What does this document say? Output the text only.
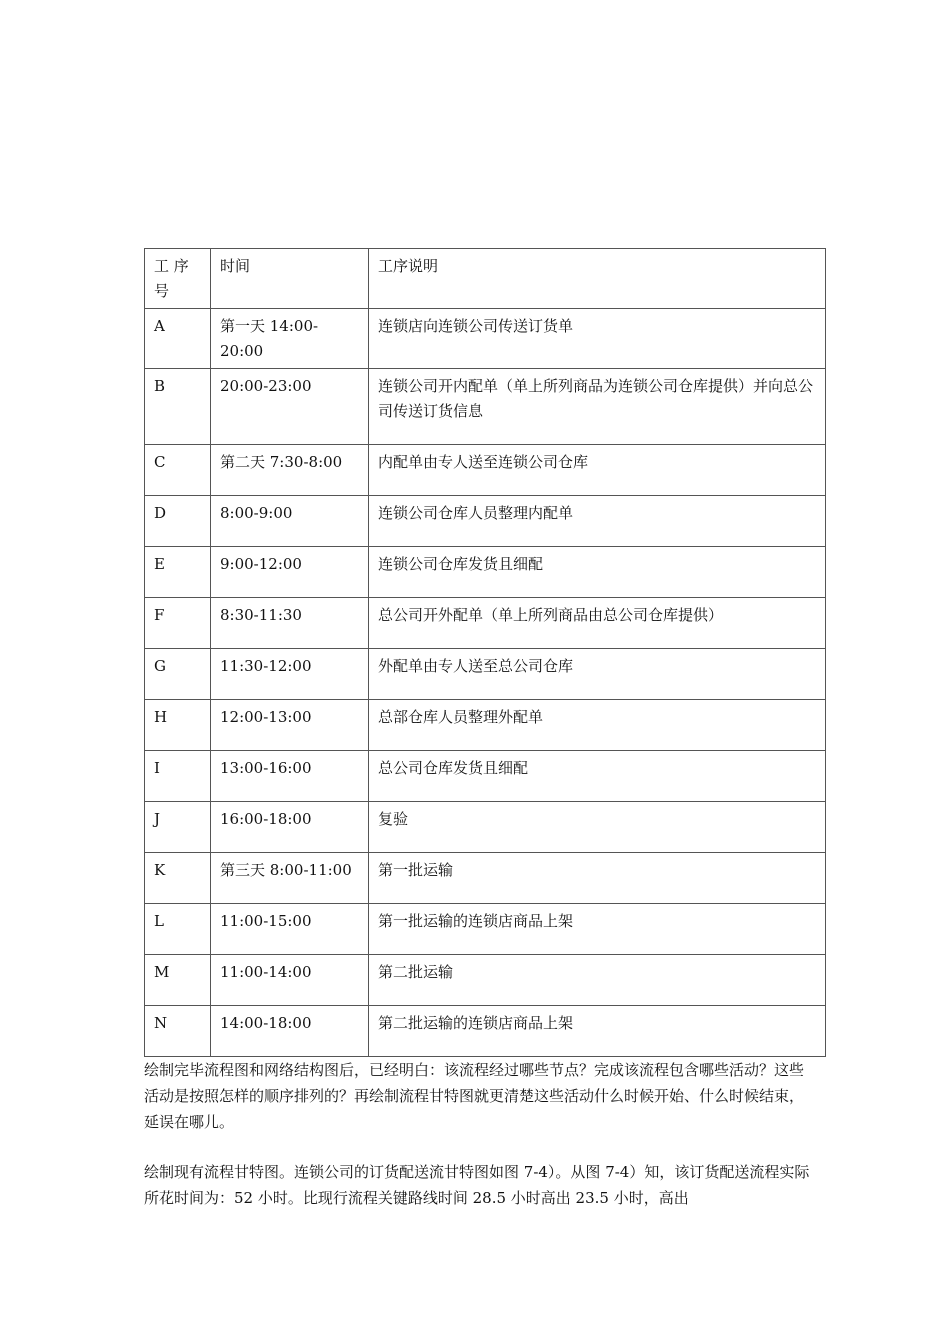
工 序号	时间	工序说明
A	第一天 14:00-20:00	连锁店向连锁公司传送订货单
B	20:00-23:00	连锁公司开内配单（单上所列商品为连锁公司仓库提供）并向总公司传送订货信息
C	第二天 7:30-8:00	内配单由专人送至连锁公司仓库
D	8:00-9:00	连锁公司仓库人员整理内配单
E	9:00-12:00	连锁公司仓库发货且细配
F	8:30-11:30	总公司开外配单（单上所列商品由总公司仓库提供）
G	11:30-12:00	外配单由专人送至总公司仓库
H	12:00-13:00	总部仓库人员整理外配单
I	13:00-16:00	总公司仓库发货且细配
J	16:00-18:00	复验
K	第三天 8:00-11:00	第一批运输
L	11:00-15:00	第一批运输的连锁店商品上架
M	11:00-14:00	第二批运输
N	14:00-18:00	第二批运输的连锁店商品上架

绘制完毕流程图和网络结构图后，已经明白：该流程经过哪些节点？完成该流程包含哪些活动？这些活动是按照怎样的顺序排列的？再绘制流程甘特图就更清楚这些活动什么时候开始、什么时候结束，延误在哪儿。

绘制现有流程甘特图。连锁公司的订货配送流甘特图如图 7-4）。从图 7-4）知，该订货配送流程实际所花时间为：52 小时。比现行流程关键路线时间 28.5 小时高出 23.5 小时，高出
